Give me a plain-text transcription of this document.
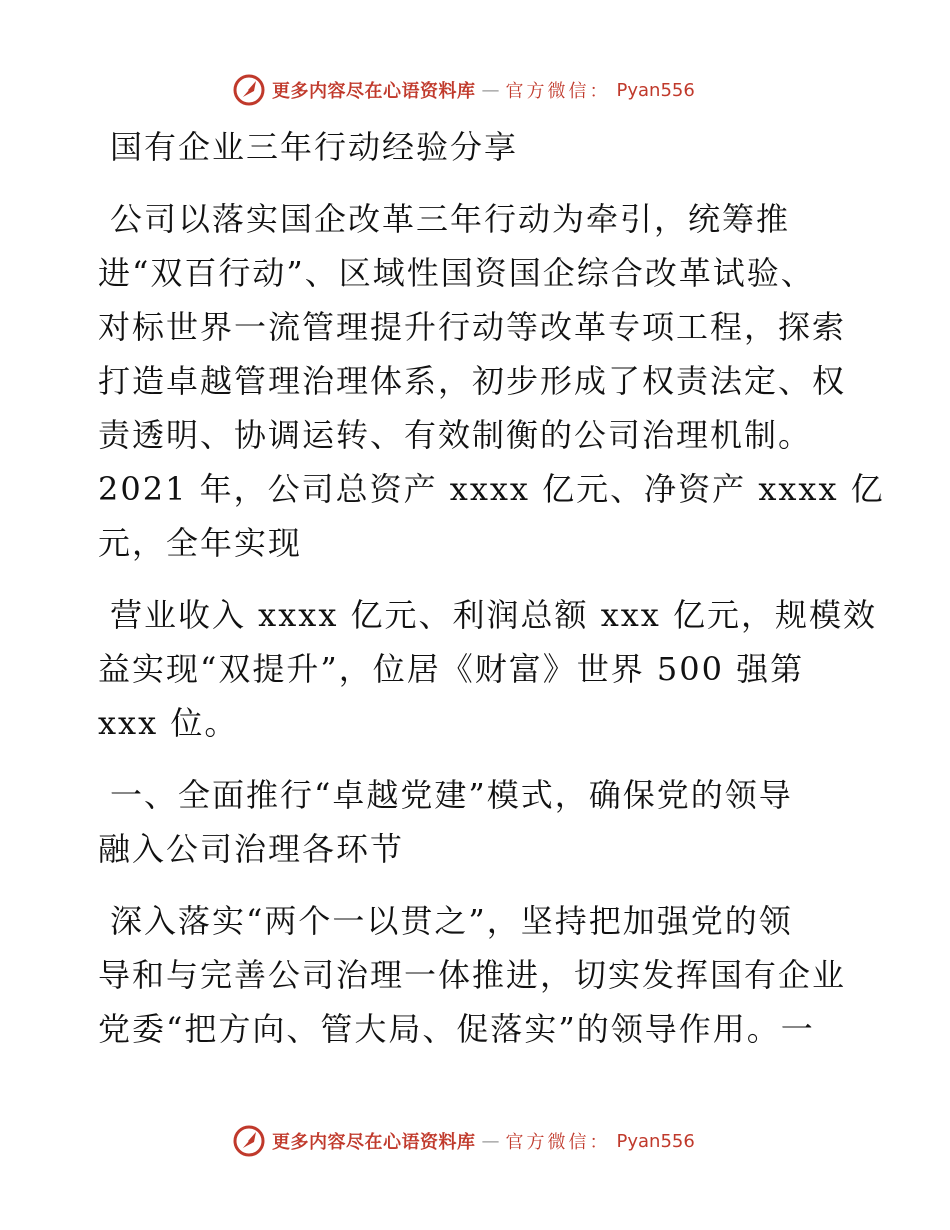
更多内容尽在心语资料库 — 官方微信： Pyan556
国有企业三年行动经验分享
公司以落实国企改革三年行动为牵引，统筹推
进“双百行动”、区域性国资国企综合改革试验、
对标世界一流管理提升行动等改革专项工程，探索
打造卓越管理治理体系，初步形成了权责法定、权
责透明、协调运转、有效制衡的公司治理机制。
2021 年，公司总资产 xxxx 亿元、净资产 xxxx 亿
元，全年实现
营业收入 xxxx 亿元、利润总额 xxx 亿元，规模效
益实现“双提升”，位居《财富》世界 500 强第
xxx 位。
一、全面推行“卓越党建”模式，确保党的领导
融入公司治理各环节
深入落实“两个一以贯之”，坚持把加强党的领
导和与完善公司治理一体推进，切实发挥国有企业
党委“把方向、管大局、促落实”的领导作用。一
更多内容尽在心语资料库 — 官方微信： Pyan556
